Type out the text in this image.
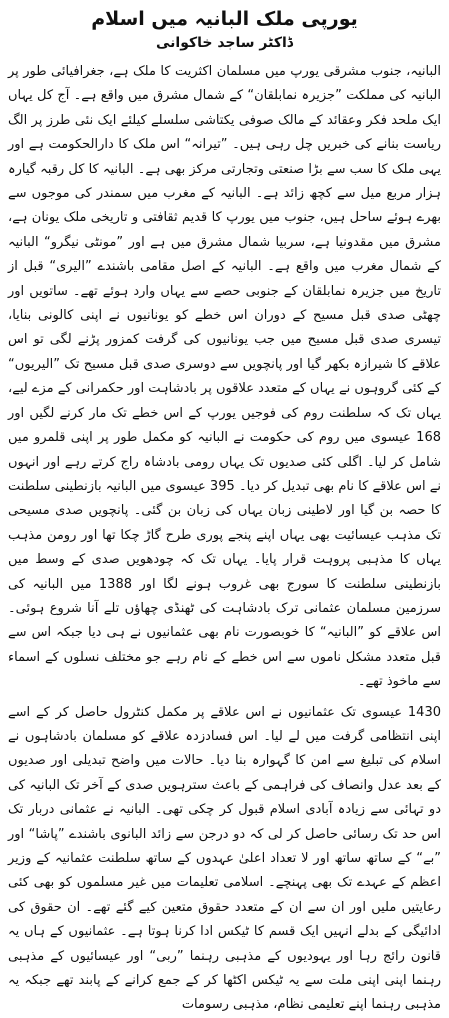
یورپی ملک البانیہ میں اسلام
ڈاکٹر ساجد خاکوانی

البانیہ، جنوب مشرقی یورپ میں مسلمان اکثریت کا ملک ہے، جغرافیائی طور پر البانیہ کی مملکت ”جزیرہ نمابلقان“ کے شمال مشرق میں واقع ہے۔ آج کل یہاں ایک ملحد فکر وعقائد کے مالک صوفی یکتاشی سلسلے کیلئے ایک نئی طرز پر الگ ریاست بنانے کی خبریں چل رہی ہیں۔ ”تیرانہ“ اس ملک کا دارالحکومت ہے اور یہی ملک کا سب سے بڑا صنعتی وتجارتی مرکز بھی ہے۔ البانیہ کا کل رقبہ گیارہ ہزار مربع میل سے کچھ زائد ہے۔ البانیہ کے مغرب میں سمندر کی موجوں سے بھرے ہوئے ساحل ہیں، جنوب میں یورپ کا قدیم ثقافتی و تاریخی ملک یونان ہے، مشرق میں مقدونیا ہے، سربیا شمال مشرق میں ہے اور ”مونٹی نیگرو“ البانیہ کے شمال مغرب میں واقع ہے۔ البانیہ کے اصل مقامی باشندے ”الیری“ قبل از تاریخ میں جزیرہ نمابلقان کے جنوبی حصے سے یہاں وارد ہوئے تھے۔ ساتویں اور چھٹی صدی قبل مسیح کے دوران اس خطے کو یونانیوں نے اپنی کالونی بنایا، تیسری صدی قبل مسیح میں جب یونانیوں کی گرفت کمزور پڑنے لگی تو اس علاقے کا شیرازہ بکھر گیا اور پانچویں سے دوسری صدی قبل مسیح تک ”الیریوں“ کے کئی گروہوں نے یہاں کے متعدد علاقوں پر بادشاہت اور حکمرانی کے مزے لیے، یہاں تک کہ سلطنت روم کی فوجیں یورپ کے اس خطے تک مار کرنے لگیں اور 168 عیسوی میں روم کی حکومت نے البانیہ کو مکمل طور پر اپنی قلمرو میں شامل کر لیا۔ اگلی کئی صدیوں تک یہاں رومی بادشاہ راج کرتے رہے اور انہوں نے اس علاقے کا نام بھی تبدیل کر دیا۔ 395 عیسوی میں البانیہ بازنطینی سلطنت کا حصہ بن گیا اور لاطینی زبان یہاں کی زبان بن گئی۔ پانچویں صدی مسیحی تک مذہب عیسائیت بھی یہاں اپنے پنجے پوری طرح گاڑ چکا تھا اور رومن مذہب یہاں کا مذہبی پروہت قرار پایا۔ یہاں تک کہ چودھویں صدی کے وسط میں بازنطینی سلطنت کا سورج بھی غروب ہونے لگا اور 1388 میں البانیہ کی سرزمین مسلمان عثمانی ترک بادشاہت کی ٹھنڈی چھاؤں تلے آنا شروع ہوئی۔ اس علاقے کو ”البانیہ“ کا خوبصورت نام بھی عثمانیوں نے ہی دیا جبکہ اس سے قبل متعدد مشکل ناموں سے اس خطے کے نام رہے جو مختلف نسلوں کے اسماء سے ماخوذ تھے۔

1430 عیسوی تک عثمانیوں نے اس علاقے پر مکمل کنٹرول حاصل کر کے اسے اپنی انتظامی گرفت میں لے لیا۔ اس فسادزدہ علاقے کو مسلمان بادشاہوں نے اسلام کی تبلیغ سے امن کا گہوارہ بنا دیا۔ حالات میں واضح تبدیلی اور صدیوں کے بعد عدل وانصاف کی فراہمی کے باعث سترہویں صدی کے آخر تک البانیہ کی دو تہائی سے زیادہ آبادی اسلام قبول کر چکی تھی۔ البانیہ نے عثمانی دربار تک اس حد تک رسائی حاصل کر لی کہ دو درجن سے زائد البانوی باشندے ”پاشا“ اور ”بے“ کے ساتھ ساتھ اور لا تعداد اعلیٰ عہدوں کے ساتھ سلطنت عثمانیہ کے وزیر اعظم کے عہدے تک بھی پہنچے۔ اسلامی تعلیمات میں غیر مسلموں کو بھی کئی رعایتیں ملیں اور ان سے ان کے متعدد حقوق متعین کیے گئے تھے۔ ان حقوق کی ادائیگی کے بدلے انہیں ایک قسم کا ٹیکس ادا کرنا ہوتا ہے۔ عثمانیوں کے ہاں یہ قانون رائج رہا اور یہودیوں کے مذہبی رہنما ”ربی“ اور عیسائیوں کے مذہبی رہنما اپنی اپنی ملت سے یہ ٹیکس اکٹھا کر کے جمع کرانے کے پابند تھے جبکہ یہ مذہبی رہنما اپنے تعلیمی نظام، مذہبی رسومات
